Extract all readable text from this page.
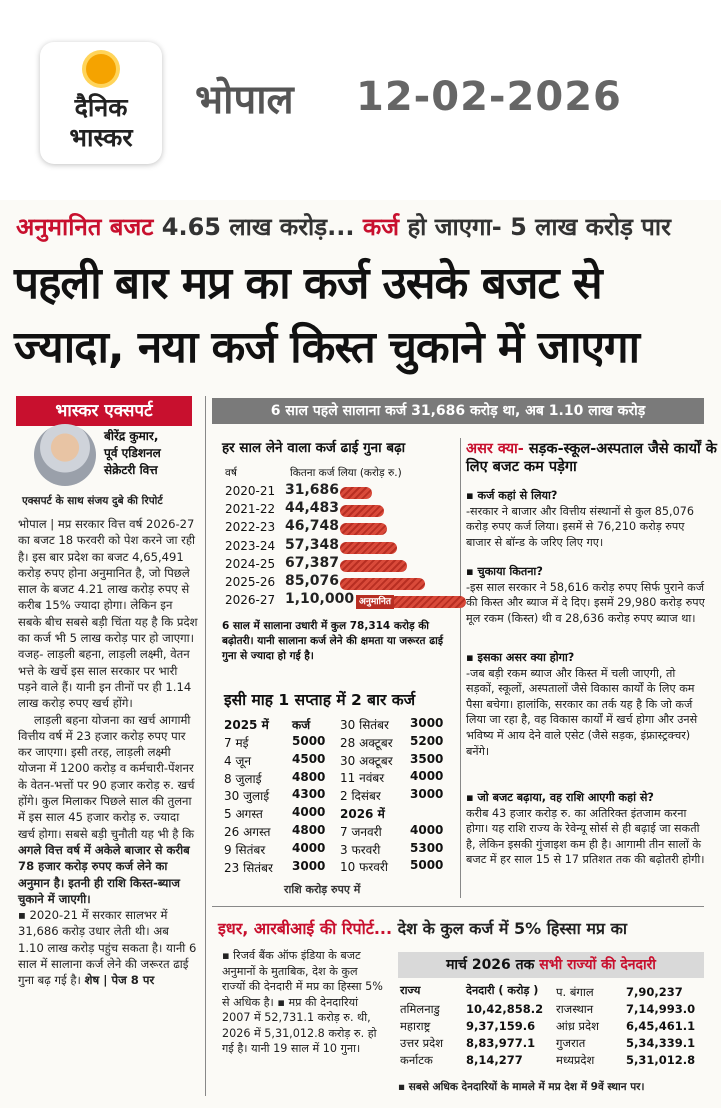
दैनिक
भास्कर
भोपाल 12-02-2026
अनुमानित बजट 4.65 लाख करोड़... कर्ज हो जाएगा- 5 लाख करोड़ पार
पहली बार मप्र का कर्ज उसके बजट से
ज्यादा, नया कर्ज किस्त चुकाने में जाएगा
भास्कर एक्सपर्ट
बीरेंद्र कुमार,
पूर्व एडिशनल
सेक्रेटरी वित्त
एक्सपर्ट के साथ संजय दुबे की रिपोर्ट

भोपाल | मप्र सरकार वित्त वर्ष 2026-27 का बजट 18 फरवरी को पेश करने जा रही है। इस बार प्रदेश का बजट 4,65,491 करोड़ रुपए होना अनुमानित है, जो पिछले साल के बजट 4.21 लाख करोड़ रुपए से करीब 15% ज्यादा होगा। लेकिन इन सबके बीच सबसे बड़ी चिंता यह है कि प्रदेश का कर्ज भी 5 लाख करोड़ पार हो जाएगा। वजह- लाड़ली बहना, लाड़ली लक्ष्मी, वेतन भत्ते के खर्चे इस साल सरकार पर भारी पड़ने वाले हैं। यानी इन तीनों पर ही 1.14 लाख करोड़ रुपए खर्च होंगे।

लाड़ली बहना योजना का खर्च आगामी वित्तीय वर्ष में 23 हजार करोड़ रुपए पार कर जाएगा। इसी तरह, लाड़ली लक्ष्मी योजना में 1200 करोड़ व कर्मचारी-पेंशनर के वेतन-भत्तों पर 90 हजार करोड़ रु. खर्च होंगे। कुल मिलाकर पिछले साल की तुलना में इस साल 45 हजार करोड़ रु. ज्यादा खर्च होगा। सबसे बड़ी चुनौती यह भी है कि

अगले वित्त वर्ष में अकेले बाजार से करीब 78 हजार करोड़ रुपए कर्ज लेने का अनुमान है। इतनी ही राशि किस्त-ब्याज चुकाने में जाएगी।

▪ 2020-21 में सरकार सालभर में 31,686 करोड़ उधार लेती थी। अब 1.10 लाख करोड़ पहुंच सकता है। यानी 6 साल में सालाना कर्ज लेने की जरूरत ढाई गुना बढ़ गई है। शेष | पेज 8 पर

6 साल पहले सालाना कर्ज 31,686 करोड़ था, अब 1.10 लाख करोड़
हर साल लेने वाला कर्ज ढाई गुना बढ़ा
वर्ष	कितना कर्ज लिया (करोड़ रु.)
6 साल में सालाना उधारी में कुल 78,314 करोड़ की बढ़ोतरी। यानी सालाना कर्ज लेने की क्षमता या जरूरत ढाई गुना से ज्यादा हो गई है।
इसी माह 1 सप्ताह में 2 बार कर्ज
2025 में कर्ज
राशि करोड़ रुपए में
असर क्या- सड़क-स्कूल-अस्पताल जैसे कार्यों के लिए बजट कम पड़ेगा
▪ कर्ज कहां से लिया?
-सरकार ने बाजार और वित्तीय संस्थानों से कुल 85,076 करोड़ रुपए कर्ज लिया। इसमें से 76,210 करोड़ रुपए बाजार से बॉन्ड के जरिए लिए गए।
▪ चुकाया कितना?
-इस साल सरकार ने 58,616 करोड़ रुपए सिर्फ पुराने कर्ज की किस्त और ब्याज में दे दिए। इसमें 29,980 करोड़ रुपए मूल रकम (किस्त) थी व 28,636 करोड़ रुपए ब्याज था।
▪ इसका असर क्या होगा?
-जब बड़ी रकम ब्याज और किस्त में चली जाएगी, तो सड़कों, स्कूलों, अस्पतालों जैसे विकास कार्यों के लिए कम पैसा बचेगा। हालांकि, सरकार का तर्क यह है कि जो कर्ज लिया जा रहा है, वह विकास कार्यों में खर्च होगा और उनसे भविष्य में आय देने वाले एसेट (जैसे सड़क, इंफ्रास्ट्रक्चर) बनेंगे।
▪ जो बजट बढ़ाया, वह राशि आएगी कहां से?
करीब 43 हजार करोड़ रु. का अतिरिक्त इंतजाम करना होगा। यह राशि राज्य के रेवेन्यू सोर्स से ही बढ़ाई जा सकती है, लेकिन इसकी गुंजाइश कम ही है। आगामी तीन सालों के बजट में हर साल 15 से 17 प्रतिशत तक की बढ़ोतरी होगी।
इधर, आरबीआई की रिपोर्ट... देश के कुल कर्ज में 5% हिस्सा मप्र का
▪ रिजर्व बैंक ऑफ इंडिया के बजट अनुमानों के मुताबिक, देश के कुल राज्यों की देनदारी में मप्र का हिस्सा 5% से अधिक है। ▪ मप्र की देनदारियां 2007 में 52,731.1 करोड़ रु. थी, 2026 में 5,31,012.8 करोड़ रु. हो गई है। यानी 19 साल में 10 गुना।
मार्च 2026 तक सभी राज्यों की देनदारी
राज्य	देनदारी ( करोड़ )
▪ सबसे अधिक देनदारियों के मामले में मप्र देश में 9वें स्थान पर।
2020-21 31,686
2021-22 44,483
2022-23 46,748
2023-24 57,348
2024-25 67,387
2025-26 85,076
2026-27 1,10,000 अनुमानित
7 मई	5000
4 जून	4500
8 जुलाई	4800
30 जुलाई 4300
5 अगस्त 4000
26 अगस्त 4800
9 सितंबर 4000
23 सितंबर 3000
30 सितंबर 3000
28 अक्टूबर 5200
30 अक्टूबर 3500
11 नवंबर 4000
2 दिसंबर 3000
2026 में
7 जनवरी 4000
3 फरवरी 5300
10 फरवरी 5000
तमिलनाडु 10,42,858.2
महाराष्ट्र	9,37,159.6
उत्तर प्रदेश 8,83,977.1
कर्नाटक	8,14,277
प. बंगाल	7,90,237
राजस्थान	7,14,993.0
आंध्र प्रदेश 6,45,461.1
गुजरात	5,34,339.1
मध्यप्रदेश	5,31,012.8
